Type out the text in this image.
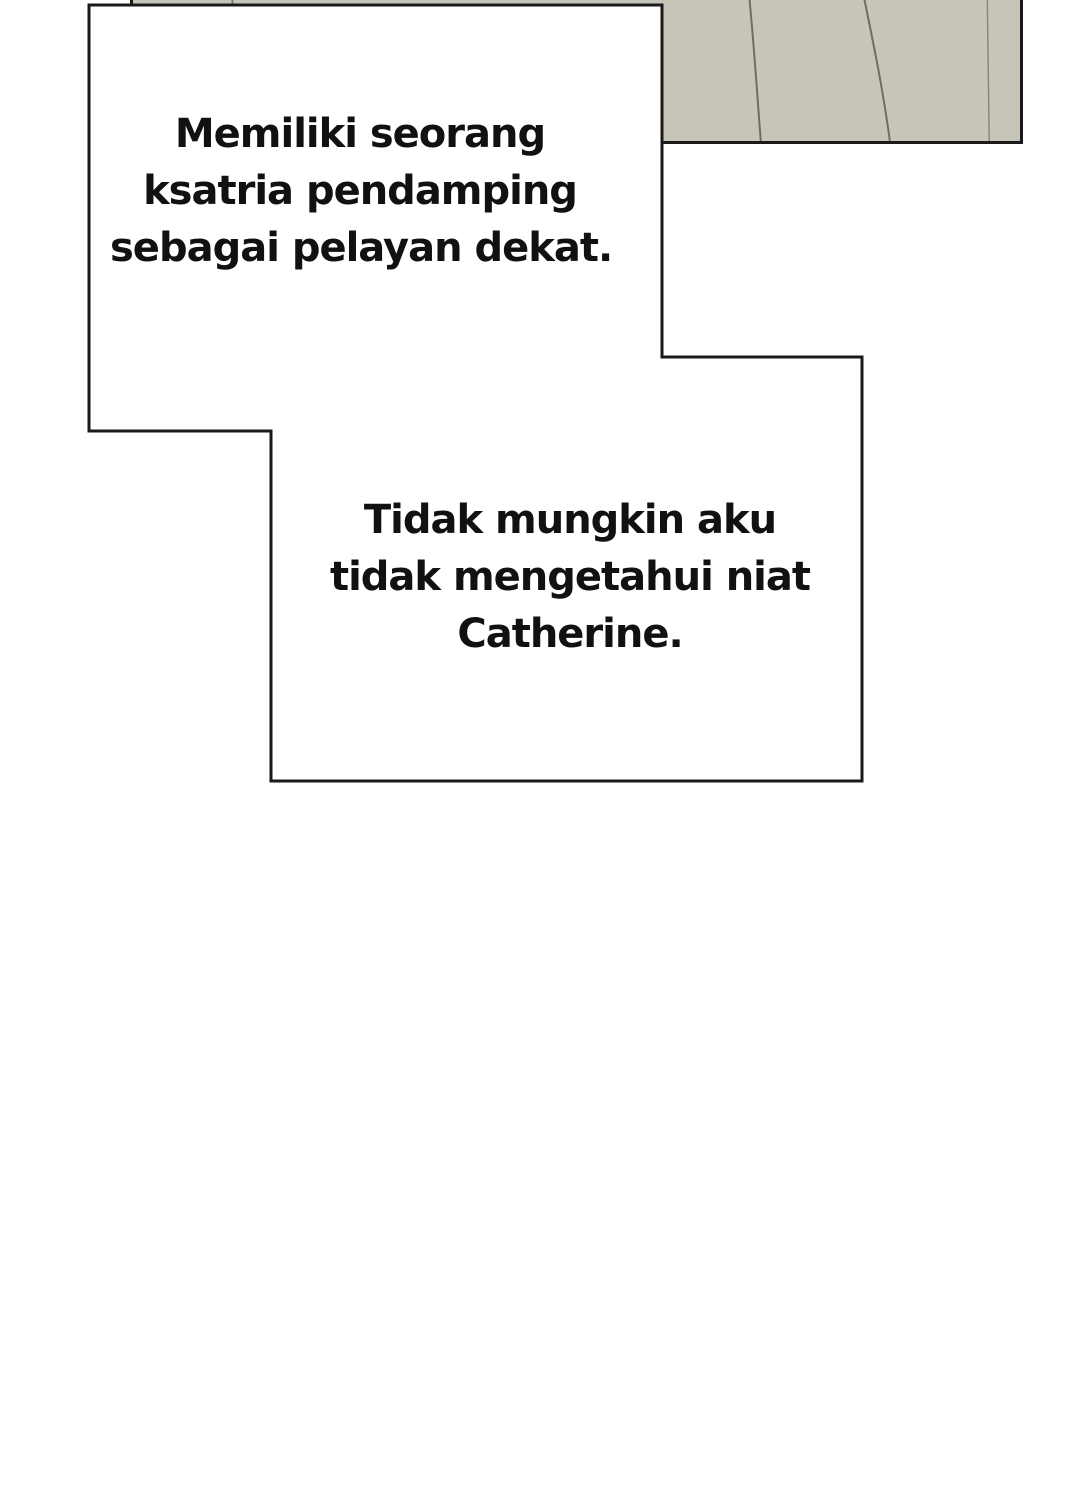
Memiliki seorang
ksatria pendamping
sebagai pelayan dekat.
Tidak mungkin aku
tidak mengetahui niat
Catherine.
